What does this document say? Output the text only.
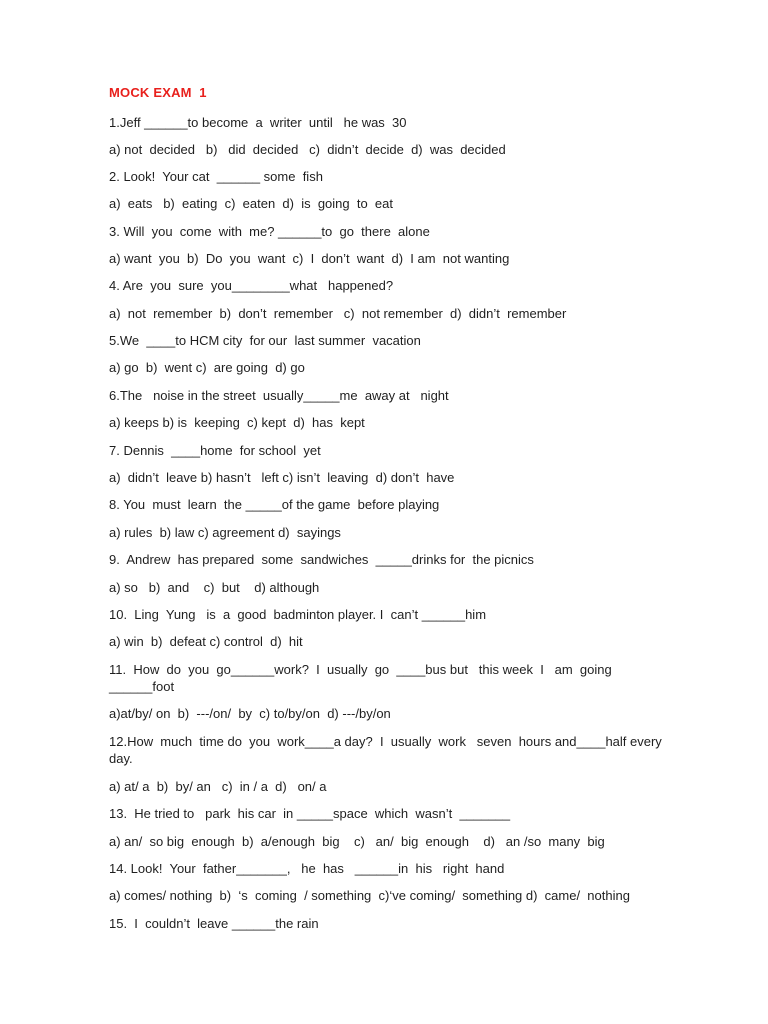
MOCK EXAM  1
1.Jeff ______to become  a  writer  until   he was  30
a) not  decided   b)   did  decided   c)  didn’t  decide  d)  was  decided
2. Look!  Your cat  ______ some  fish
a)  eats   b)  eating  c)  eaten  d)  is  going  to  eat
3. Will  you  come  with  me? ______to  go  there  alone
a) want  you  b)  Do  you  want  c)  I  don’t  want  d)  I am  not wanting
4. Are  you  sure  you________what   happened?
a)  not  remember  b)  don’t  remember   c)  not remember  d)  didn’t  remember
5.We  ____to HCM city  for our  last summer  vacation
a) go  b)  went c)  are going  d) go
6.The   noise in the street  usually_____me  away at   night
a) keeps b) is  keeping  c) kept  d)  has  kept
7. Dennis  ____home  for school  yet
a)  didn’t  leave b) hasn’t   left c) isn’t  leaving  d) don’t  have
8. You  must  learn  the _____of the game  before playing
a) rules  b) law c) agreement d)  sayings
9.  Andrew  has prepared  some  sandwiches  _____drinks for  the picnics
a) so   b)  and    c)  but    d) although
10.  Ling  Yung   is  a  good  badminton player. I  can’t ______him
a) win  b)  defeat c) control  d)  hit
11.  How  do  you  go______work?  I  usually  go  ____bus but   this week  I   am  going ______foot
a)at/by/ on  b)  ---/on/  by  c) to/by/on  d) ---/by/on
12.How  much  time do  you  work____a day?  I  usually  work   seven  hours and____half every day.
a) at/ a  b)  by/ an   c)  in / a  d)   on/ a
13.  He tried to   park  his car  in _____space  which  wasn’t  _______
a) an/  so big  enough  b)  a/enough  big    c)   an/  big  enough    d)   an /so  many  big
14. Look!  Your  father_______,   he  has   ______in  his   right  hand
a) comes/ nothing  b)  ‘s  coming  / something  c)‘ve coming/  something d)  came/  nothing
15.  I  couldn’t  leave ______the rain
